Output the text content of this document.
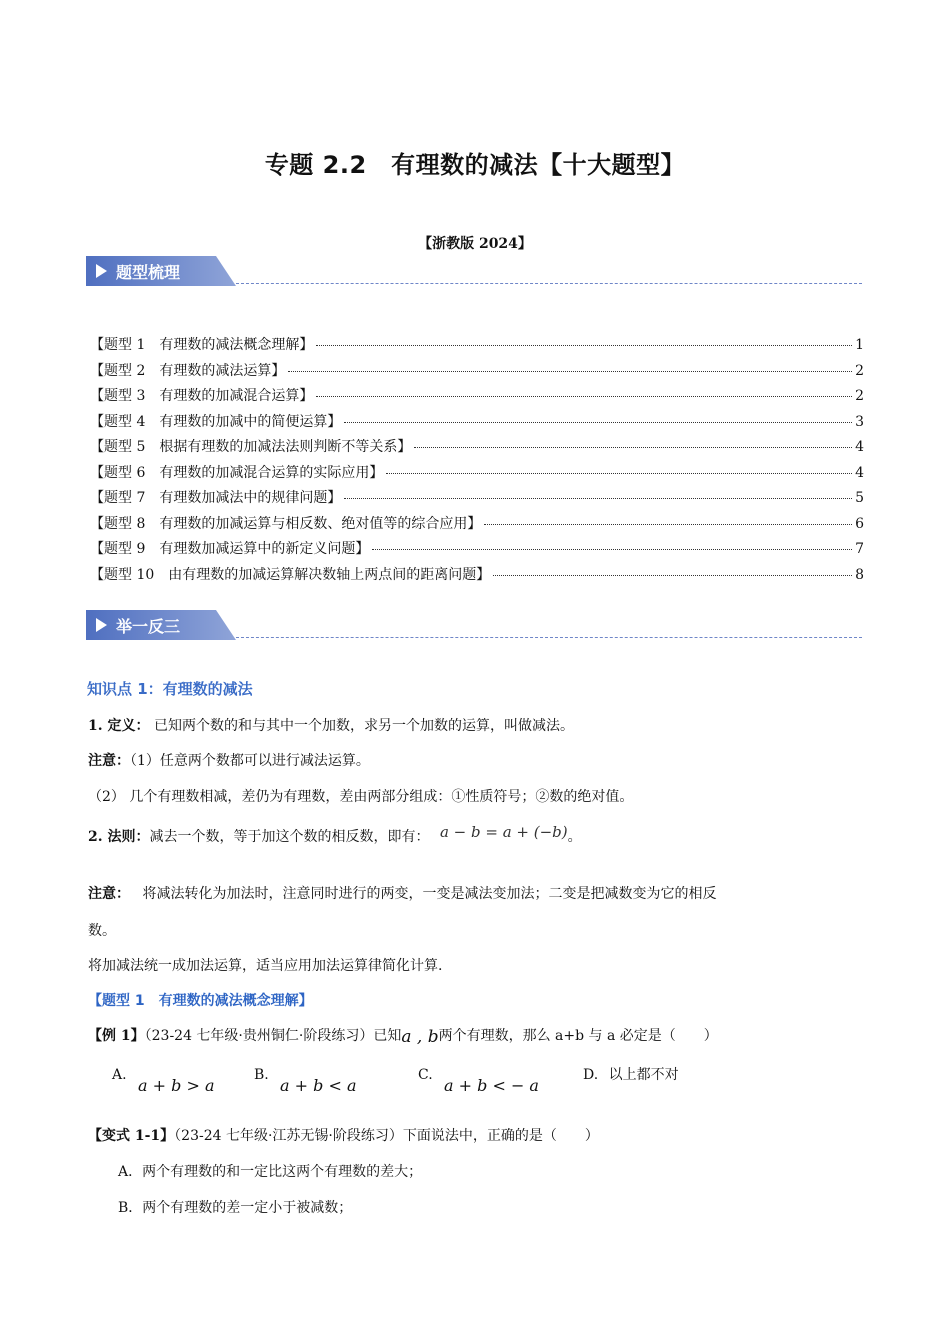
专题 2.2　有理数的减法【十大题型】
【浙教版 2024】
题型梳理
【题型 1　有理数的减法概念理解】	1
【题型 2　有理数的减法运算】	2
【题型 3　有理数的加减混合运算】	2
【题型 4　有理数的加减中的简便运算】	3
【题型 5　根据有理数的加减法法则判断不等关系】	4
【题型 6　有理数的加减混合运算的实际应用】	4
【题型 7　有理数加减法中的规律问题】	5
【题型 8　有理数的加减运算与相反数、绝对值等的综合应用】	6
【题型 9　有理数加减运算中的新定义问题】	7
【题型 10　由有理数的加减运算解决数轴上两点间的距离问题】	8
举一反三
知识点 1：有理数的减法
1. 定义： 已知两个数的和与其中一个加数，求另一个加数的运算，叫做减法。
注意：（1）任意两个数都可以进行减法运算。
（2） 几个有理数相减，差仍为有理数，差由两部分组成：①性质符号；②数的绝对值。
2. 法则：减去一个数，等于加这个数的相反数，即有： a − b = a + (−b)。
注意： 将减法转化为加法时，注意同时进行的两变，一变是减法变加法；二变是把减数变为它的相反
数。
将加减法统一成加法运算，适当应用加法运算律简化计算.
【题型 1　有理数的减法概念理解】
【例 1】（23-24 七年级·贵州铜仁·阶段练习）已知a , b两个有理数，那么 a+b 与 a 必定是（　　）
A.
a + b > a
B.
a + b < a
C.
a + b < − a
D. 以上都不对
【变式 1-1】（23-24 七年级·江苏无锡·阶段练习）下面说法中，正确的是（　　）
A．两个有理数的和一定比这两个有理数的差大；
B．两个有理数的差一定小于被减数；
